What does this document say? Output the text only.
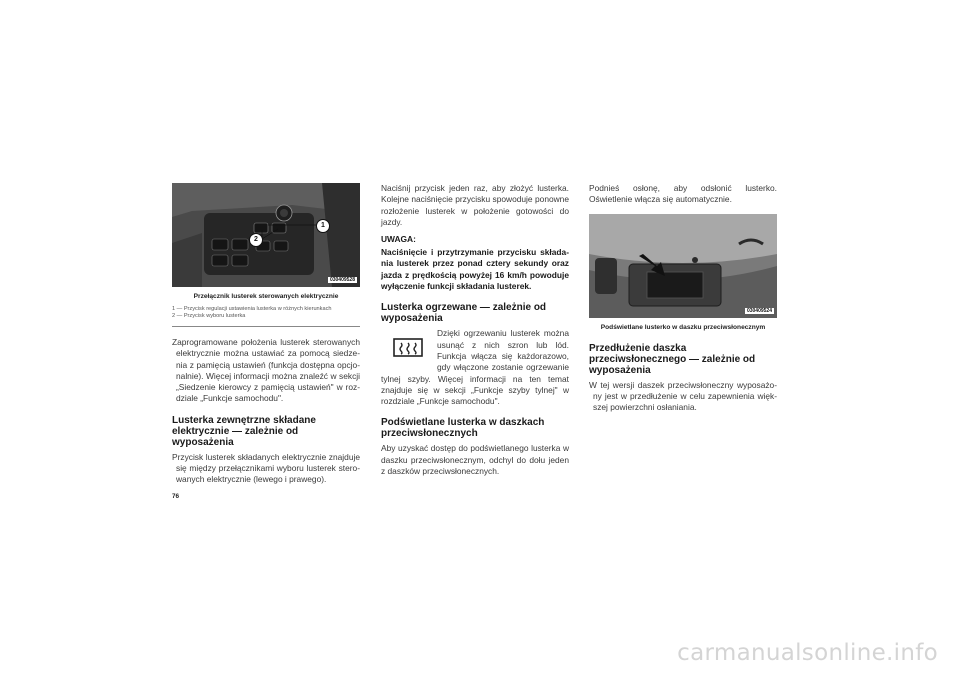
1
2
030409528
Przełącznik lusterek sterowanych elektrycznie
1 — Przycisk regulacji ustawienia lusterka w różnych kierunkach
2 — Przycisk wyboru lusterka

Zaprogramowane położenia lusterek sterowanych elektrycznie można ustawiać za pomocą siedzenia z pamięcią ustawień (funkcja dostępna opcjonalnie). Więcej informacji można znaleźć w sekcji „Siedzenie kierowcy z pamięcią ustawień" w rozdziale „Funkcje samochodu".

Lusterka zewnętrzne składane elektrycznie — zależnie od wyposażenia

Przycisk lusterek składanych elektrycznie znajduje się między przełącznikami wyboru lusterek sterowanych elektrycznie (lewego i prawego).

Naciśnij przycisk jeden raz, aby złożyć lusterka. Kolejne naciśnięcie przycisku spowoduje ponowne rozłożenie lusterek w położenie gotowości do jazdy.

UWAGA:

Naciśnięcie i przytrzymanie przycisku składania lusterek przez ponad cztery sekundy oraz jazda z prędkością powyżej 16 km/h powoduje wyłączenie funkcji składania lusterek.

Lusterka ogrzewane — zależnie od wyposażenia

Dzięki ogrzewaniu lusterek można usunąć z nich szron lub lód. Funkcja włącza się każdorazowo, gdy włączone zostanie ogrzewanie tylnej szyby. Więcej informacji na ten temat znajduje się w sekcji „Funkcje szyby tylnej" w rozdziale „Funkcje samochodu".

Podświetlane lusterka w daszkach przeciwsłonecznych

Aby uzyskać dostęp do podświetlanego lusterka w daszku przeciwsłonecznym, odchyl do dołu jeden z daszków przeciwsłonecznych.

Podnieś osłonę, aby odsłonić lusterko. Oświetlenie włącza się automatycznie.

030409524
Podświetlane lusterko w daszku przeciwsłonecznym
Przedłużenie daszka przeciwsłonecznego — zależnie od wyposażenia

W tej wersji daszek przeciwsłoneczny wyposażony jest w przedłużenie w celu zapewnienia większej powierzchni osłaniania.

76
carmanualsonline.info
